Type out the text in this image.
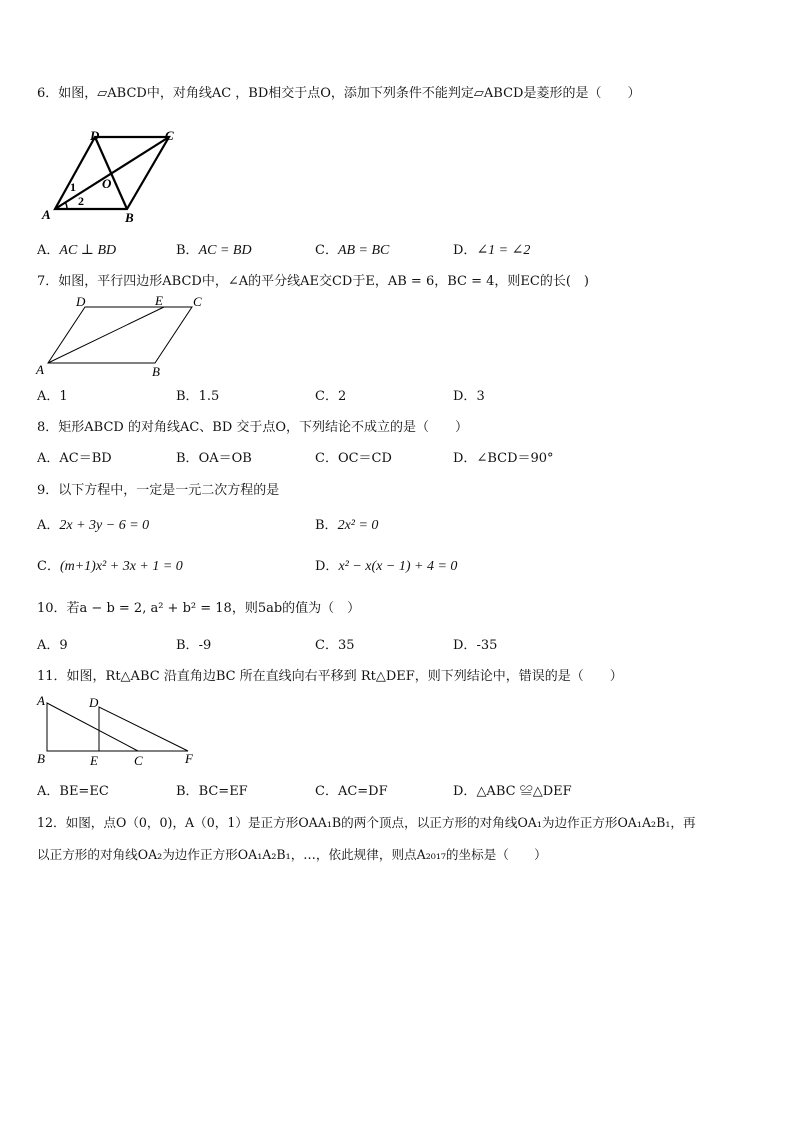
6．如图，▱ABCD中，对角线AC ，BD相交于点O，添加下列条件不能判定▱ABCD是菱形的是（　　）
A	B
C
D
O
1
2
A．AC ⊥ BD	B．AC = BD	C．AB = BC	D．∠1 = ∠2
7．如图，平行四边形ABCD中，∠A的平分线AE交CD于E，AB = 6，BC = 4，则EC的长(　)
A	B
C
D	E
A．1	B．1.5	C．2	D．3
8．矩形ABCD 的对角线AC、BD 交于点O，下列结论不成立的是（　　）
A．AC＝BD	B．OA＝OB	C．OC＝CD	D．∠BCD＝90°
9．以下方程中，一定是一元二次方程的是
A．2x + 3y − 6 = 0	B．2x² = 0
C．(m+1)x² + 3x + 1 = 0	D．x² − x(x − 1) + 4 = 0
10．若a − b = 2, a² + b² = 18，则5ab的值为（　）
A．9	B．-9	C．35	D．-35
11．如图，Rt△ABC 沿直角边BC 所在直线向右平移到 Rt△DEF，则下列结论中，错误的是（　　）
A
B	C
D
E	F
A．BE=EC	B．BC=EF	C．AC=DF	D．△ABC ≌△DEF
12．如图，点O（0，0)，A（0，1）是正方形OAA₁B的两个顶点，以正方形的对角线OA₁为边作正方形OA₁A₂B₁，再
以正方形的对角线OA₂为边作正方形OA₁A₂B₁，…，依此规律，则点A₂₀₁₇的坐标是（　　）
